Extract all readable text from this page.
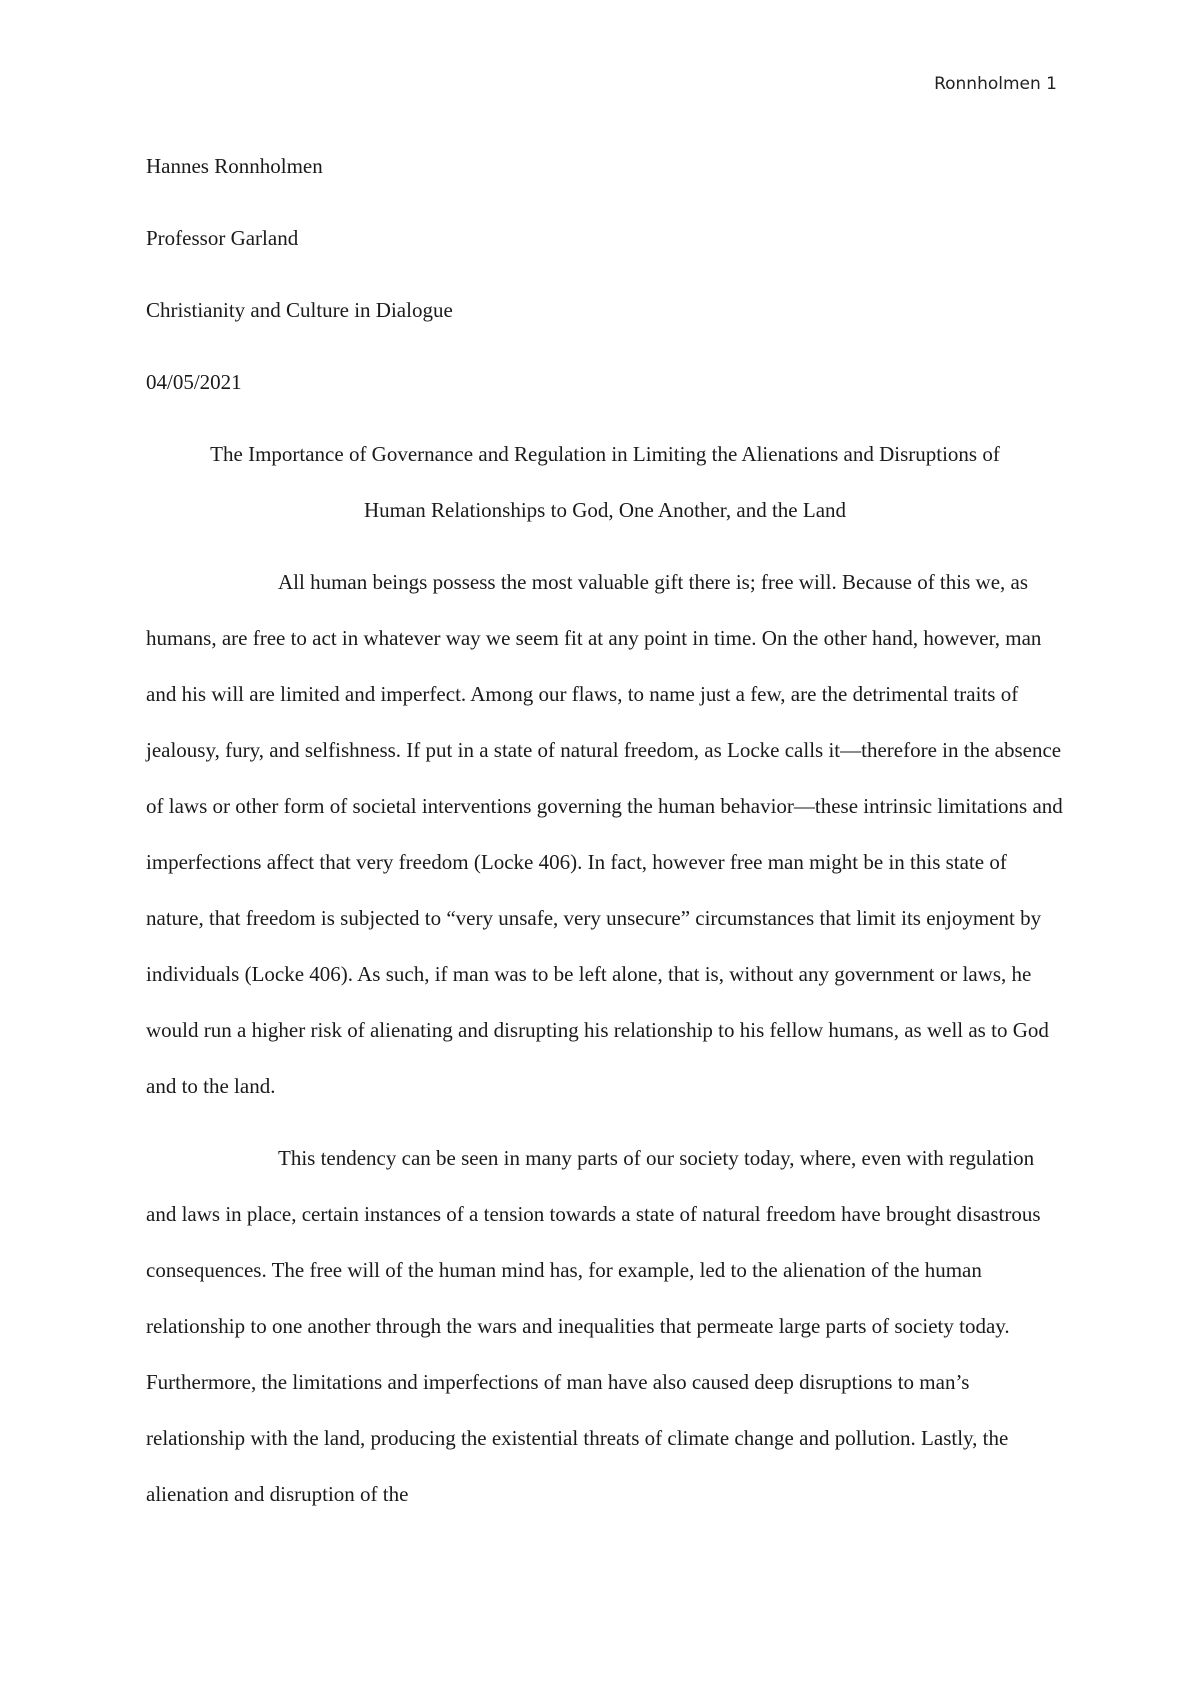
Ronnholmen 1

Hannes Ronnholmen

Professor Garland

Christianity and Culture in Dialogue

04/05/2021

The Importance of Governance and Regulation in Limiting the Alienations and Disruptions of

Human Relationships to God, One Another, and the Land

All human beings possess the most valuable gift there is; free will. Because of this we, as humans, are free to act in whatever way we seem fit at any point in time. On the other hand, however, man and his will are limited and imperfect. Among our flaws, to name just a few, are the detrimental traits of jealousy, fury, and selfishness. If put in a state of natural freedom, as Locke calls it—therefore in the absence of laws or other form of societal interventions governing the human behavior—these intrinsic limitations and imperfections affect that very freedom (Locke 406). In fact, however free man might be in this state of nature, that freedom is subjected to “very unsafe, very unsecure” circumstances that limit its enjoyment by individuals (Locke 406). As such, if man was to be left alone, that is, without any government or laws, he would run a higher risk of alienating and disrupting his relationship to his fellow humans, as well as to God and to the land.

This tendency can be seen in many parts of our society today, where, even with regulation and laws in place, certain instances of a tension towards a state of natural freedom have brought disastrous consequences. The free will of the human mind has, for example, led to the alienation of the human relationship to one another through the wars and inequalities that permeate large parts of society today. Furthermore, the limitations and imperfections of man have also caused deep disruptions to man’s relationship with the land, producing the existential threats of climate change and pollution. Lastly, the alienation and disruption of the
